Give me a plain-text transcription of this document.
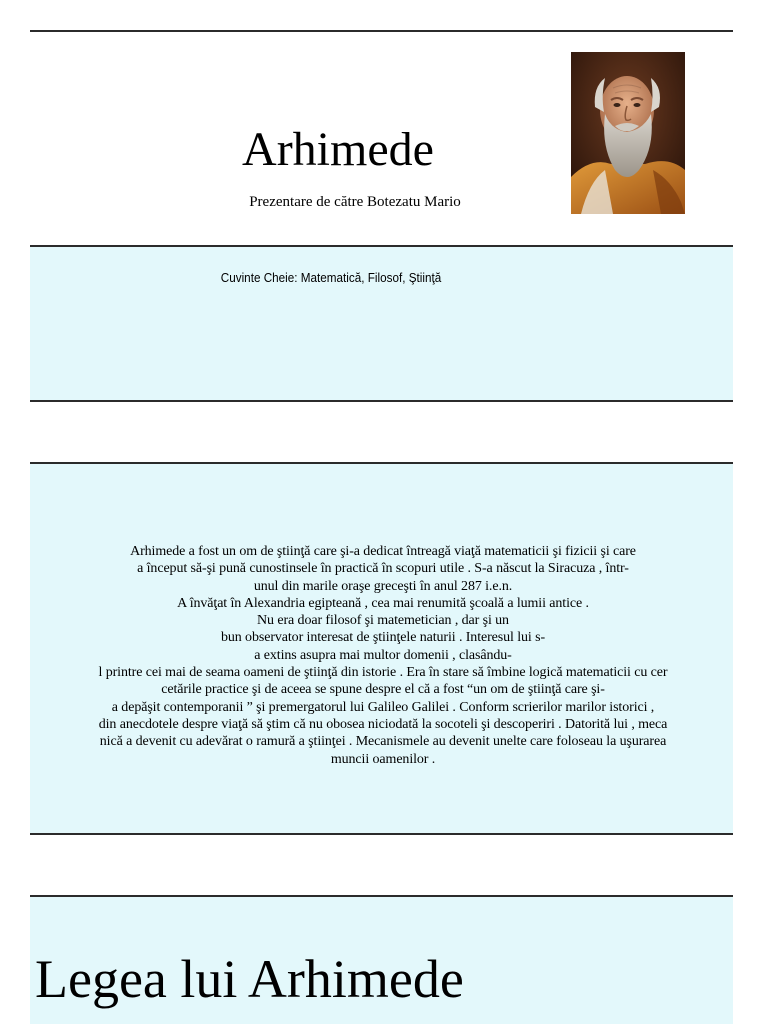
Arhimede
Prezentare de către Botezatu Mario
Cuvinte Cheie: Matematică, Filosof, Ştiinţă
Arhimede a fost un om de ştiinţă care şi-a dedicat întreagă viaţă matematicii şi fizicii şi care
a început să-şi pună cunostinsele în practică în scopuri utile . S-a născut la Siracuza , într-
unul din marile oraşe greceşti în anul 287 i.e.n.
A învăţat în Alexandria egipteană , cea mai renumită şcoală a lumii antice .
Nu era doar filosof şi matemetician , dar şi un
bun observator interesat de ştiinţele naturii . Interesul lui s-
a extins asupra mai multor domenii , clasându-
l printre cei mai de seama oameni de ştiinţă din istorie . Era în stare să îmbine logică matematicii cu cer
cetările practice şi de aceea se spune despre el că a fost “un om de ştiinţă care şi-
a depăşit contemporanii ” şi premergatorul lui Galileo Galilei . Conform scrierilor marilor istorici ,
din anecdotele despre viaţă să ştim că nu obosea niciodată la socoteli şi descoperiri . Datorită lui , meca
nică a devenit cu adevărat o ramură a ştiinţei . Mecanismele au devenit unelte care foloseau la uşurarea
muncii oamenilor .
Legea lui Arhimede
